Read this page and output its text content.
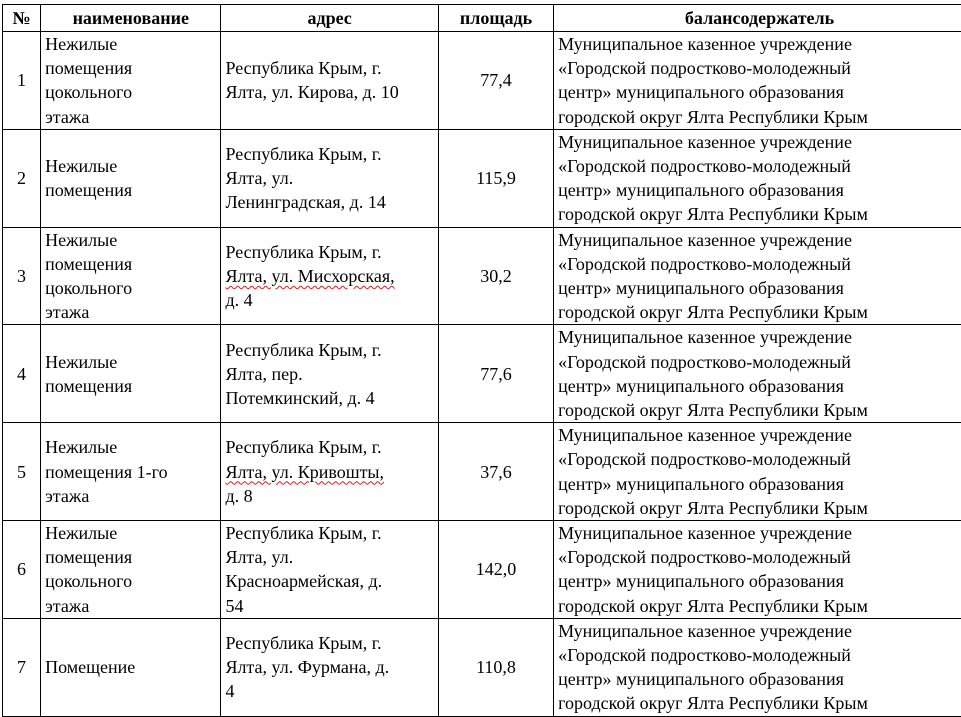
№	наименование	адрес	площадь	балансодержатель
1	Нежилые
помещения
цокольного
этажа	Республика Крым, г.
Ялта, ул. Кирова, д. 10	77,4	Муниципальное казенное учреждение
«Городской подростково-молодежный
центр» муниципального образования
городской округ Ялта Республики Крым

2	Нежилые
помещения	Республика Крым, г.
Ялта, ул.
Ленинградская, д. 14	115,9	Муниципальное казенное учреждение
«Городской подростково-молодежный
центр» муниципального образования
городской округ Ялта Республики Крым

3	Нежилые
помещения
цокольного
этажа	Республика Крым, г.
Ялта, ул. Мисхорская,
д. 4	30,2	Муниципальное казенное учреждение
«Городской подростково-молодежный
центр» муниципального образования
городской округ Ялта Республики Крым

4	Нежилые
помещения	Республика Крым, г.
Ялта, пер.
Потемкинский, д. 4	77,6	Муниципальное казенное учреждение
«Городской подростково-молодежный
центр» муниципального образования
городской округ Ялта Республики Крым

5	Нежилые
помещения 1-го
этажа	Республика Крым, г.
Ялта, ул. Кривошты,
д. 8	37,6	Муниципальное казенное учреждение
«Городской подростково-молодежный
центр» муниципального образования
городской округ Ялта Республики Крым

6	Нежилые
помещения
цокольного
этажа	Республика Крым, г.
Ялта, ул.
Красноармейская, д.
54	142,0	Муниципальное казенное учреждение
«Городской подростково-молодежный
центр» муниципального образования
городской округ Ялта Республики Крым

7	Помещение	Республика Крым, г.
Ялта, ул. Фурмана, д.
4	110,8	Муниципальное казенное учреждение
«Городской подростково-молодежный
центр» муниципального образования
городской округ Ялта Республики Крым
